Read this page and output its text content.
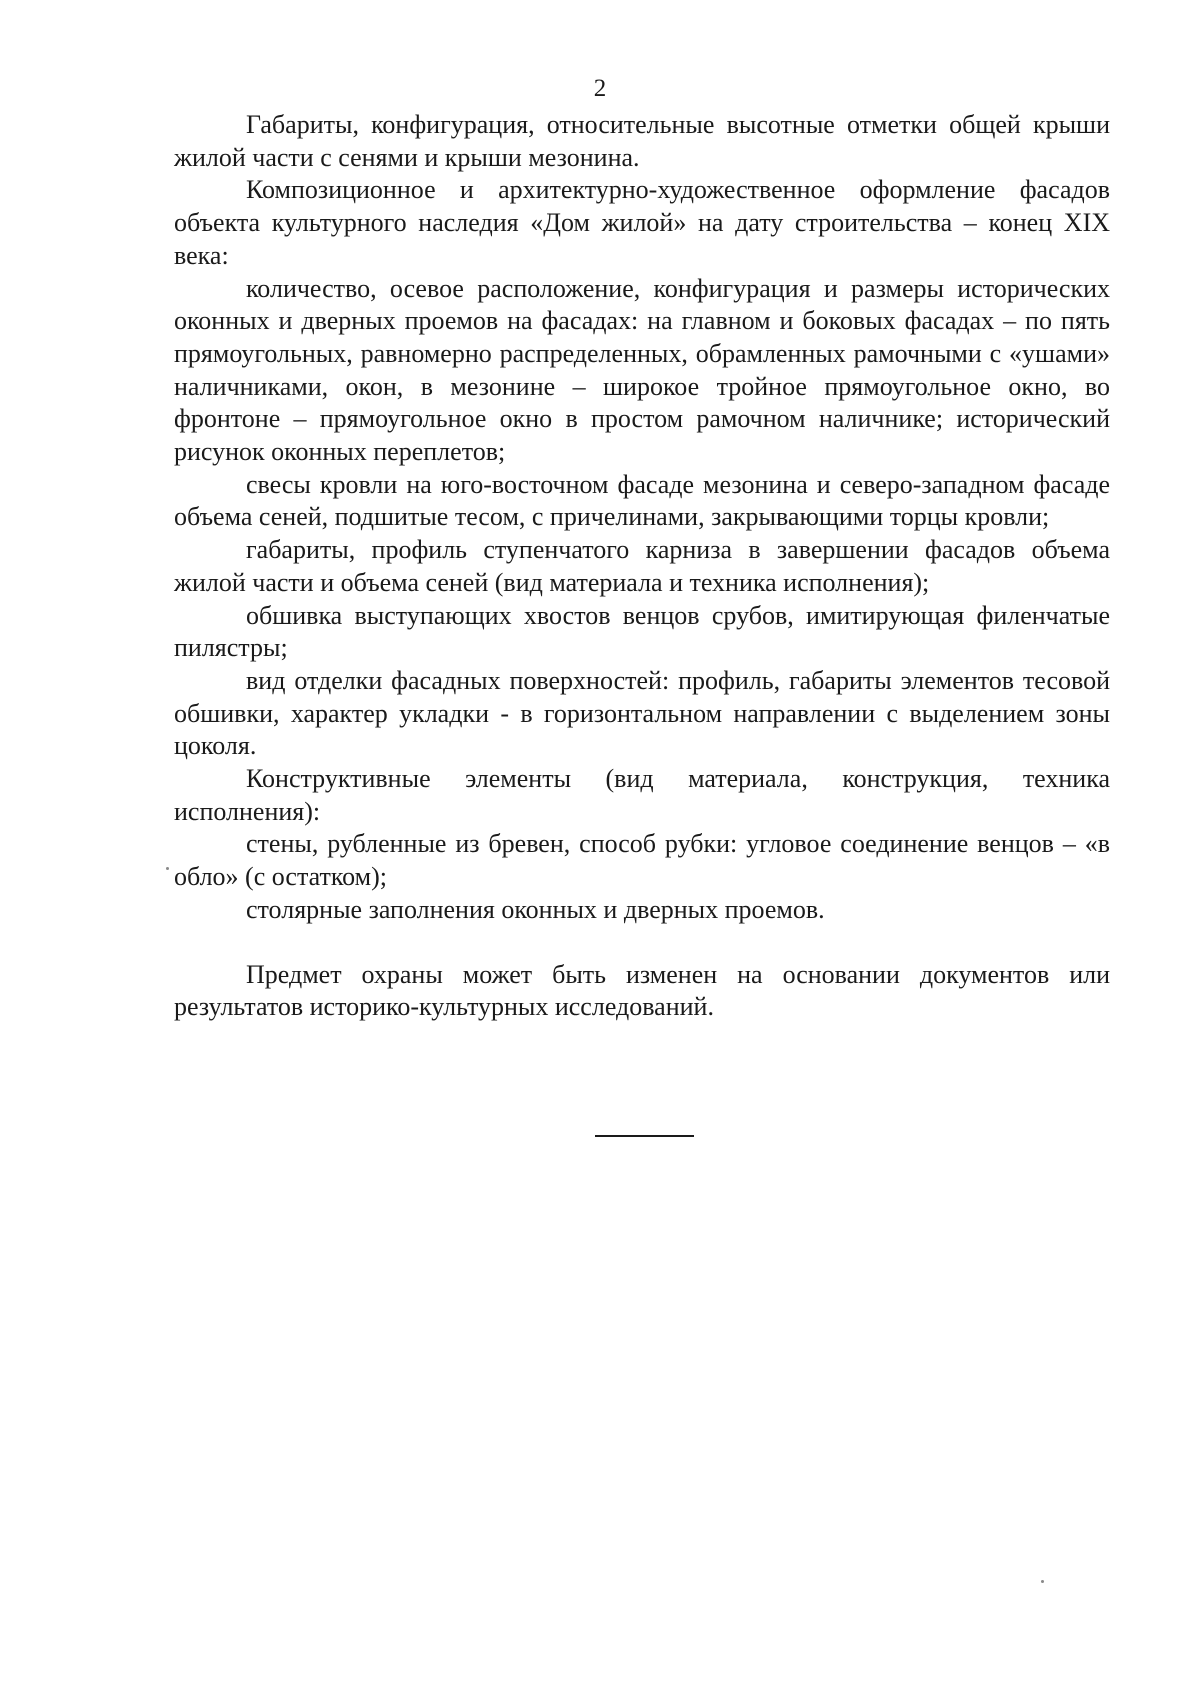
2

Габариты, конфигурация, относительные высотные отметки общей крыши жилой части с сенями и крыши мезонина.

Композиционное и архитектурно-художественное оформление фасадов объекта культурного наследия «Дом жилой» на дату строительства – конец XIX века:

количество, осевое расположение, конфигурация и размеры исторических оконных и дверных проемов на фасадах: на главном и боковых фасадах – по пять прямоугольных, равномерно распределенных, обрамленных рамочными с «ушами» наличниками, окон, в мезонине – широкое тройное прямоугольное окно, во фронтоне – прямоугольное окно в простом рамочном наличнике; исторический рисунок оконных переплетов;

свесы кровли на юго-восточном фасаде мезонина и северо-западном фасаде объема сеней, подшитые тесом, с причелинами, закрывающими торцы кровли;

габариты, профиль ступенчатого карниза в завершении фасадов объема жилой части и объема сеней (вид материала и техника исполнения);

обшивка выступающих хвостов венцов срубов, имитирующая филенчатые пилястры;

вид отделки фасадных поверхностей: профиль, габариты элементов тесовой обшивки, характер укладки - в горизонтальном направлении с выделением зоны цоколя.

Конструктивные элементы (вид материала, конструкция, техника исполнения):

стены, рубленные из бревен, способ рубки: угловое соединение венцов – «в обло» (с остатком);

столярные заполнения оконных и дверных проемов.

Предмет охраны может быть изменен на основании документов или результатов историко-культурных исследований.
